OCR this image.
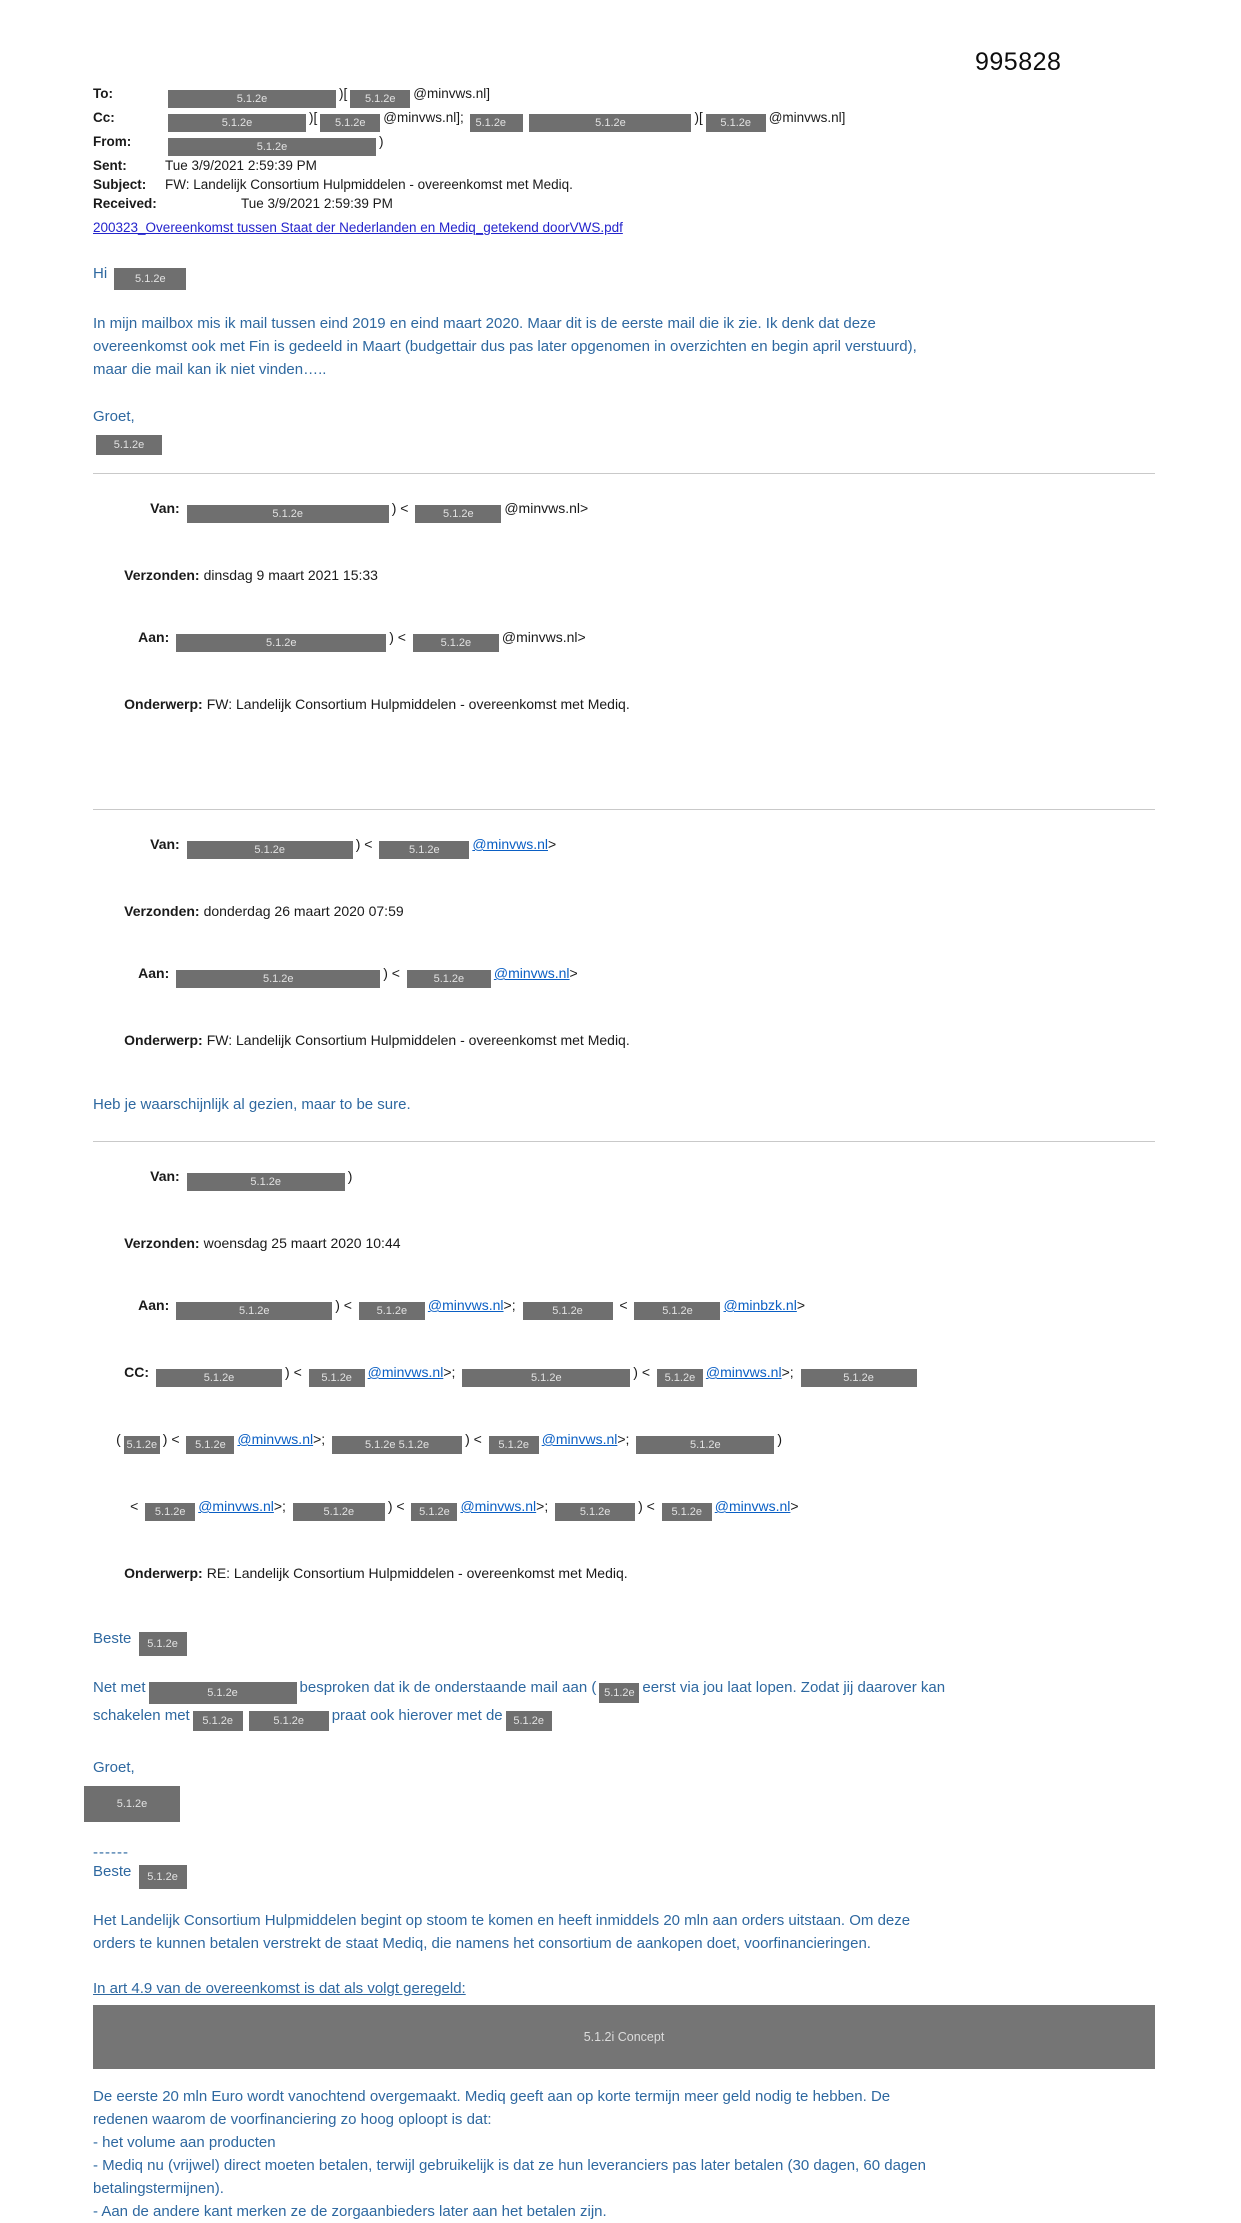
995828
To:	5.1.2e	)[ 5.1.2e @minvws.nl]
Cc:	5.1.2e	)[ 5.1.2e @minvws.nl]; 5.1.2e	5.1.2e	)[ 5.1.2e @minvws.nl]
From:	5.1.2e	)
Sent:	Tue 3/9/2021 2:59:39 PM
Subject:	FW: Landelijk Consortium Hulpmiddelen - overeenkomst met Mediq.
Received:	Tue 3/9/2021 2:59:39 PM
200323_Overeenkomst tussen Staat der Nederlanden en Mediq_getekend doorVWS.pdf
Hi 5.1.2e
In mijn mailbox mis ik mail tussen eind 2019 en eind maart 2020. Maar dit is de eerste mail die ik zie. Ik denk dat deze
overeenkomst ook met Fin is gedeeld in Maart (budgettair dus pas later opgenomen in overzichten en begin april verstuurd),
maar die mail kan ik niet vinden…..
Groet,
5.1.2e

Van:	5.1.2e	) <	5.1.2e @minvws.nl>

Verzonden: dinsdag 9 maart 2021 15:33

Aan:	5.1.2e	) <	5.1.2e @minvws.nl>

Onderwerp: FW: Landelijk Consortium Hulpmiddelen - overeenkomst met Mediq.

Van:	5.1.2e	) <	5.1.2e @minvws.nl>

Verzonden: donderdag 26 maart 2020 07:59

Aan:	5.1.2e	) <	5.1.2e @minvws.nl>

Onderwerp: FW: Landelijk Consortium Hulpmiddelen - overeenkomst met Mediq.

Heb je waarschijnlijk al gezien, maar to be sure.

Van:	5.1.2e	)

Verzonden: woensdag 25 maart 2020 10:44

Aan:	5.1.2e	) < 5.1.2e @minvws.nl>;	5.1.2e <	5.1.2e @minbzk.nl>

CC:	5.1.2e	) < 5.1.2e @minvws.nl>;	5.1.2e	) < 5.1.2e @minvws.nl>;	5.1.2e

( 5.1.2e ) < 5.1.2e @minvws.nl>;	5.1.2e 5.1.2e	) < 5.1.2e @minvws.nl>;	5.1.2e	)

< 5.1.2e @minvws.nl>;	5.1.2e ) < 5.1.2e @minvws.nl>;	5.1.2e ) < 5.1.2e @minvws.nl>

Onderwerp: RE: Landelijk Consortium Hulpmiddelen - overeenkomst met Mediq.

Beste 5.1.2e
Net met	5.1.2e	besproken dat ik de onderstaande mail aan ( 5.1.2e eerst via jou laat lopen. Zodat jij daarover kan
schakelen met 5.1.2e	5.1.2e praat ook hierover met de 5.1.2e
Groet,
5.1.2e
------
Beste 5.1.2e
Het Landelijk Consortium Hulpmiddelen begint op stoom te komen en heeft inmiddels 20 mln aan orders uitstaan. Om deze
orders te kunnen betalen verstrekt de staat Mediq, die namens het consortium de aankopen doet, voorfinancieringen.
In art 4.9 van de overeenkomst is dat als volgt geregeld:
5.1.2i Concept
De eerste 20 mln Euro wordt vanochtend overgemaakt. Mediq geeft aan op korte termijn meer geld nodig te hebben. De
redenen waarom de voorfinanciering zo hoog oploopt is dat:
- het volume aan producten
- Mediq nu (vrijwel) direct moeten betalen, terwijl gebruikelijk is dat ze hun leveranciers pas later betalen (30 dagen, 60 dagen
betalingstermijnen).
- Aan de andere kant merken ze de zorgaanbieders later aan het betalen zijn.
